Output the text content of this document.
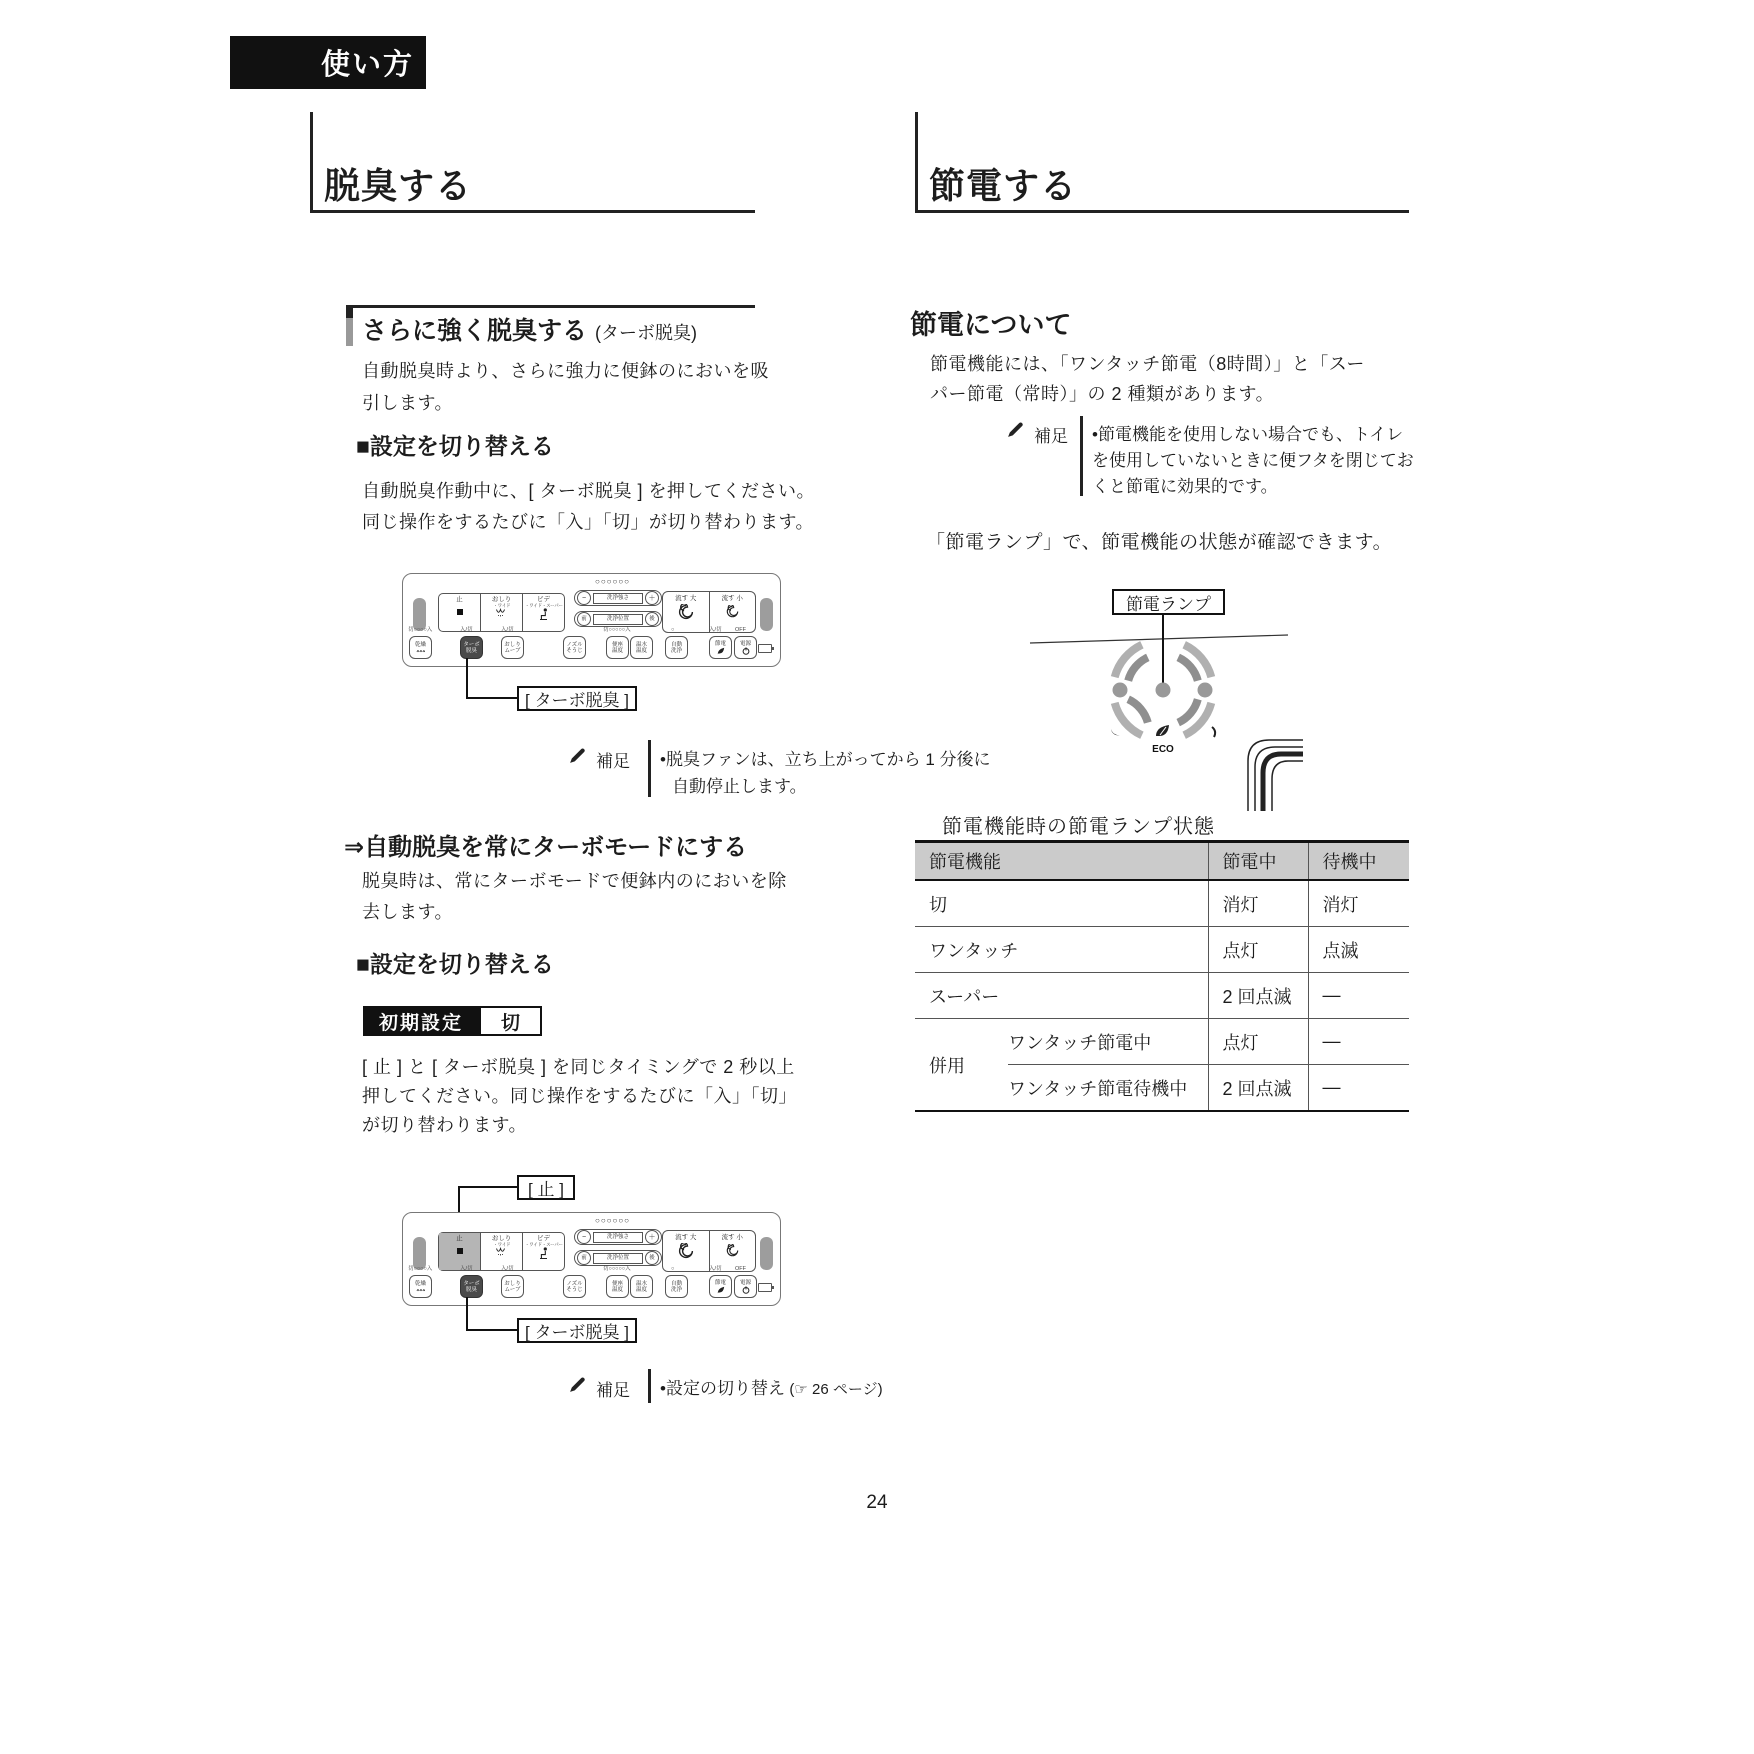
使い方
脱臭する
さらに強く脱臭する (ターボ脱臭)
自動脱臭時より、さらに強力に便鉢のにおいを吸
引します。
■設定を切り替える
自動脱臭作動中に、[ ターボ脱臭 ] を押してください。
同じ操作をするたびに「入」「切」が切り替わります。
止	おしり
・ワイド
ビデ
・ワイド・スーパー
○○○○○○
−	洗浄強さ	＋
前	洗浄位置	後
流す 大	流す 小
切○○○○入	入/切	入/切	切○○○○○入	○	入/切 OFF
乾燥	ターボ
脱臭
おしり
ムーブ
ノズル
そうじ
便座
温度
温水
温度
自動
洗浄
節電	電源
[ ターボ脱臭 ]
補足 •脱臭ファンは、立ち上がってから 1 分後に
自動停止します。
⇒自動脱臭を常にターボモードにする
脱臭時は、常にターボモードで便鉢内のにおいを除
去します。
■設定を切り替える
初期設定	切
[ 止 ] と [ ターボ脱臭 ] を同じタイミングで 2 秒以上
押してください。同じ操作をするたびに「入」「切」
が切り替わります。
[ 止 ]
止	おしり
・ワイド
ビデ
・ワイド・スーパー
○○○○○○
−	洗浄強さ	＋
前	洗浄位置	後
流す 大	流す 小
切○○○○入	入/切	入/切	切○○○○○入	○	入/切 OFF
乾燥	ターボ
脱臭
おしり
ムーブ
ノズル
そうじ
便座
温度
温水
温度
自動
洗浄
節電	電源
[ ターボ脱臭 ]
補足 •設定の切り替え (☞ 26 ページ)
節電する
節電について
節電機能には、「ワンタッチ節電（8時間）」と「スー
パー節電（常時）」の 2 種類があります。
補足 •節電機能を使用しない場合でも、トイレ
を使用していないときに便フタを閉じてお
くと節電に効果的です。
「節電ランプ」で、節電機能の状態が確認できます。
ECO
節電ランプ
節電機能時の節電ランプ状態
節電機能		節電中	待機中
切		消灯	消灯
ワンタッチ		点灯	点滅
スーパー		2 回点滅	—
併用	ワンタッチ節電中	点灯	—
	ワンタッチ節電待機中	2 回点滅	—
24
